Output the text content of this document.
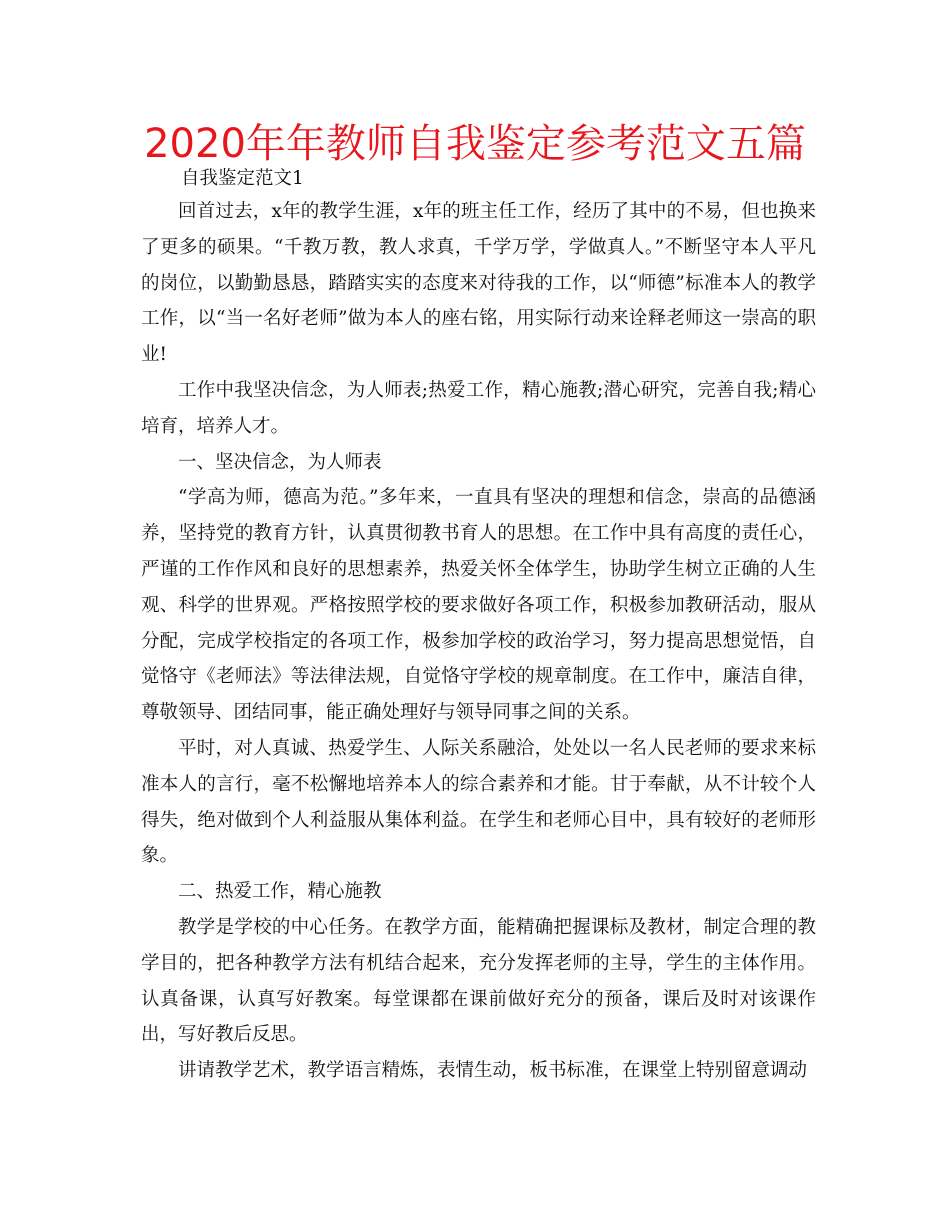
2020年年教师自我鉴定参考范文五篇
自我鉴定范文1

回首过去，x年的教学生涯，x年的班主任工作，经历了其中的不易，但也换来了更多的硕果。“千教万教，教人求真，千学万学，学做真人。”不断坚守本人平凡的岗位，以勤勤恳恳，踏踏实实的态度来对待我的工作，以“师德”标准本人的教学工作，以“当一名好老师”做为本人的座右铭，用实际行动来诠释老师这一崇高的职业!

工作中我坚决信念，为人师表;热爱工作，精心施教;潜心研究，完善自我;精心培育，培养人才。

一、坚决信念，为人师表

“学高为师，德高为范。”多年来，一直具有坚决的理想和信念，崇高的品德涵养，坚持党的教育方针，认真贯彻教书育人的思想。在工作中具有高度的责任心，严谨的工作作风和良好的思想素养，热爱关怀全体学生，协助学生树立正确的人生观、科学的世界观。严格按照学校的要求做好各项工作，积极参加教研活动，服从分配，完成学校指定的各项工作，极参加学校的政治学习，努力提高思想觉悟，自觉恪守《老师法》等法律法规，自觉恪守学校的规章制度。在工作中，廉洁自律，尊敬领导、团结同事，能正确处理好与领导同事之间的关系。

平时，对人真诚、热爱学生、人际关系融洽，处处以一名人民老师的要求来标准本人的言行，毫不松懈地培养本人的综合素养和才能。甘于奉献，从不计较个人得失，绝对做到个人利益服从集体利益。在学生和老师心目中，具有较好的老师形象。

二、热爱工作，精心施教

教学是学校的中心任务。在教学方面，能精确把握课标及教材，制定合理的教学目的，把各种教学方法有机结合起来，充分发挥老师的主导，学生的主体作用。认真备课，认真写好教案。每堂课都在课前做好充分的预备，课后及时对该课作出，写好教后反思。

讲请教学艺术，教学语言精炼，表情生动，板书标准，在课堂上特别留意调动
